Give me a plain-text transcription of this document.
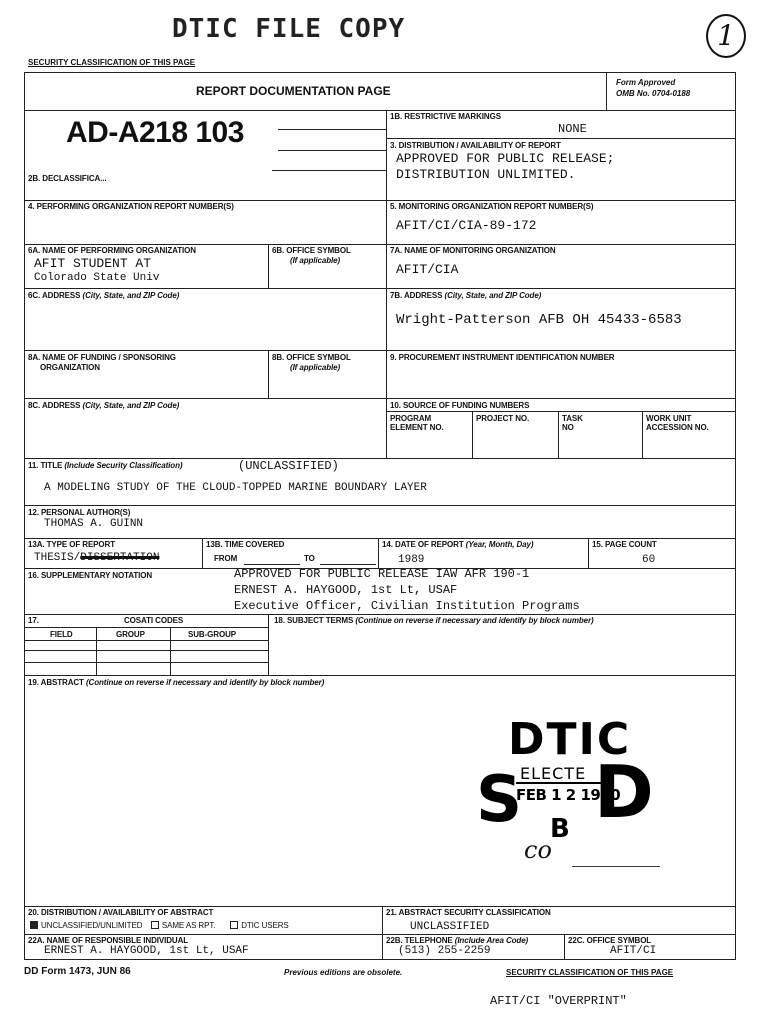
DTIC FILE COPY	1
SECURITY CLASSIFICATION OF THIS PAGE
REPORT DOCUMENTATION PAGE
Form Approved
OMB No. 0704-0188
AD-A218 103
2B. DECLASSIFICA...
1B. RESTRICTIVE MARKINGS
NONE
3. DISTRIBUTION / AVAILABILITY OF REPORT
APPROVED FOR PUBLIC RELEASE;
DISTRIBUTION UNLIMITED.
4. PERFORMING ORGANIZATION REPORT NUMBER(S)	5. MONITORING ORGANIZATION REPORT NUMBER(S)
AFIT/CI/CIA-89-172
6A. NAME OF PERFORMING ORGANIZATION
AFIT STUDENT AT
Colorado State Univ
6B. OFFICE SYMBOL
(If applicable)
7A. NAME OF MONITORING ORGANIZATION
AFIT/CIA
6C. ADDRESS (City, State, and ZIP Code)	7B. ADDRESS (City, State, and ZIP Code)
Wright-Patterson AFB OH 45433-6583
8A. NAME OF FUNDING / SPONSORING
ORGANIZATION
8B. OFFICE SYMBOL
(If applicable)
9. PROCUREMENT INSTRUMENT IDENTIFICATION NUMBER
8C. ADDRESS (City, State, and ZIP Code)	10. SOURCE OF FUNDING NUMBERS
PROGRAM ELEMENT NO.
PROJECT NO.	TASK NO
WORK UNIT ACCESSION NO.
11. TITLE (Include Security Classification)	(UNCLASSIFIED)
A MODELING STUDY OF THE CLOUD-TOPPED MARINE BOUNDARY LAYER
12. PERSONAL AUTHOR(S)
THOMAS A. GUINN
13A. TYPE OF REPORT
THESIS/DISSERTATION
13B. TIME COVERED
FROM	TO
14. DATE OF REPORT (Year, Month, Day)
1989
15. PAGE COUNT
60
16. SUPPLEMENTARY NOTATION	APPROVED FOR PUBLIC RELEASE IAW AFR 190-1
ERNEST A. HAYGOOD, 1st Lt, USAF
Executive Officer, Civilian Institution Programs
17.	COSATI CODES
FIELD	GROUP	SUB-GROUP
18. SUBJECT TERMS (Continue on reverse if necessary and identify by block number)
19. ABSTRACT (Continue on reverse if necessary and identify by block number)
DTIC
S
ELECTE
FEB 1 2 1990
D
B
co
20. DISTRIBUTION / AVAILABILITY OF ABSTRACT
UNCLASSIFIED/UNLIMITED SAME AS RPT.	DTIC USERS
21. ABSTRACT SECURITY CLASSIFICATION
UNCLASSIFIED
22A. NAME OF RESPONSIBLE INDIVIDUAL
ERNEST A. HAYGOOD, 1st Lt, USAF
22B. TELEPHONE (Include Area Code)
(513) 255-2259
22C. OFFICE SYMBOL
AFIT/CI
DD Form 1473, JUN 86	Previous editions are obsolete.	SECURITY CLASSIFICATION OF THIS PAGE
AFIT/CI "OVERPRINT"
